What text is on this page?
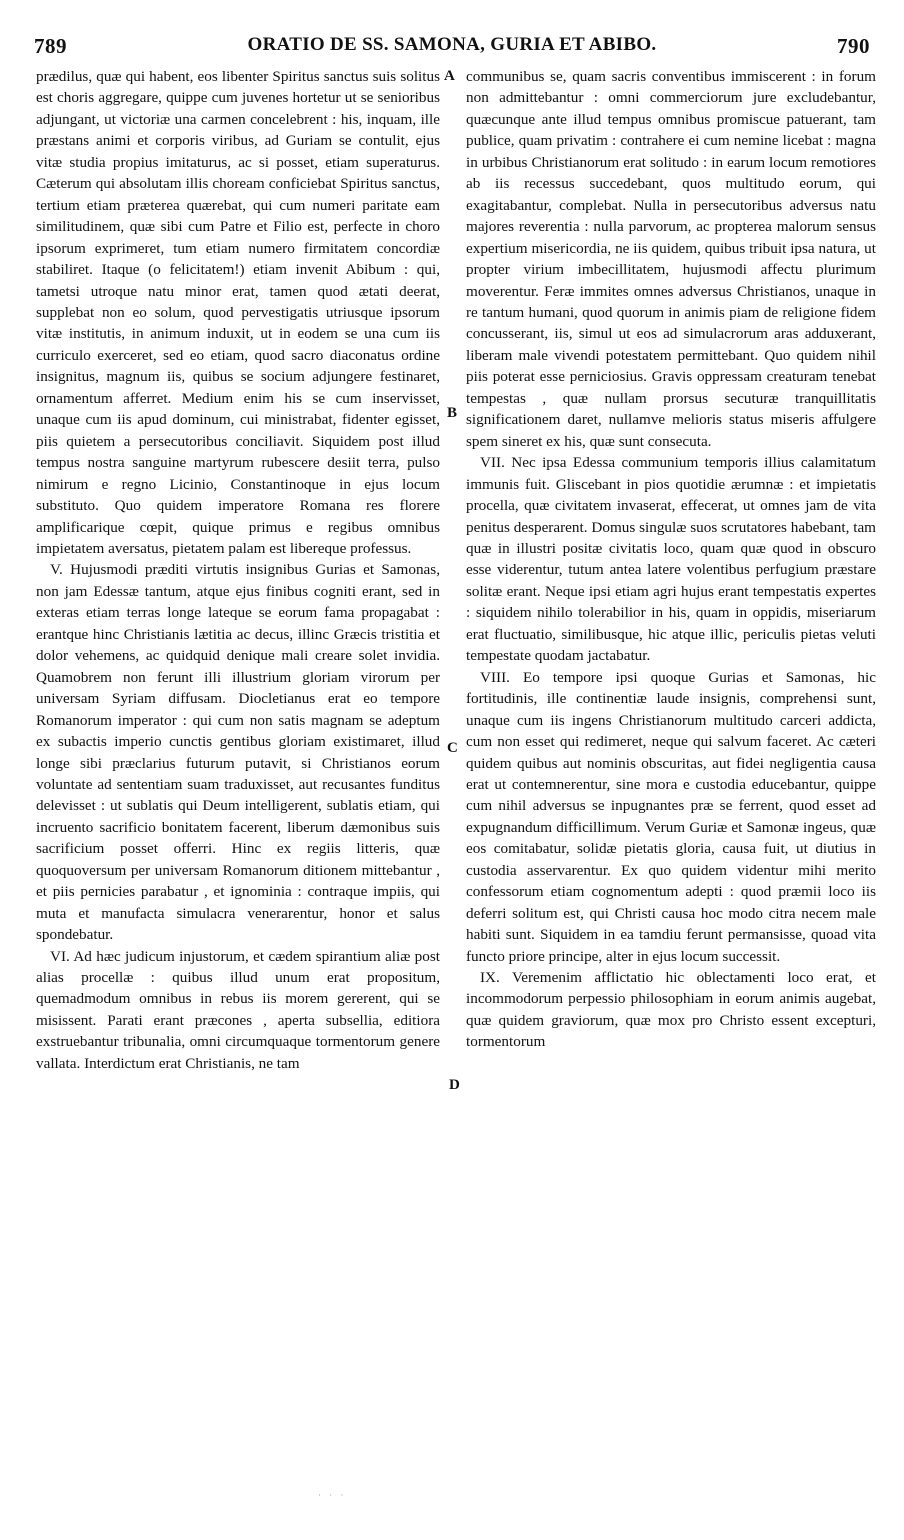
789	ORATIO DE SS. SAMONA, GURIA ET ABIBO.	790

prædilus, quæ qui habent, eos libenter Spiritus sanctus suis solitus est choris aggregare, quippe cum juvenes hortetur ut se senioribus adjungant, ut victoriæ una carmen concelebrent : his, inquam, ille præstans animi et corporis viribus, ad Guriam se contulit, ejus vitæ studia propius imitaturus, ac si posset, etiam superaturus. Cæterum qui absolutam illis choream conficiebat Spiritus sanctus, tertium etiam præterea quærebat, qui cum numeri paritate eam similitudinem, quæ sibi cum Patre et Filio est, perfecte in choro ipsorum exprimeret, tum etiam numero firmitatem concordiæ stabiliret. Itaque (o felicitatem!) etiam invenit Abibum : qui, tametsi utroque natu minor erat, tamen quod ætati deerat, supplebat non eo solum, quod pervestigatis utriusque ipsorum vitæ institutis, in animum induxit, ut in eodem se una cum iis curriculo exerceret, sed eo etiam, quod sacro diaconatus ordine insignitus, magnum iis, quibus se socium adjungere festinaret, ornamentum afferret. Medium enim his se cum inservisset, unaque cum iis apud dominum, cui ministrabat, fidenter egisset, piis quietem a persecutoribus conciliavit. Siquidem post illud tempus nostra sanguine martyrum rubescere desiit terra, pulso nimirum e regno Licinio, Constantinoque in ejus locum substituto. Quo quidem imperatore Romana res florere amplificarique cœpit, quique primus e regibus omnibus impietatem aversatus, pietatem palam est libereque professus.

V. Hujusmodi præditi virtutis insignibus Gurias et Samonas, non jam Edessæ tantum, atque ejus finibus cogniti erant, sed in exteras etiam terras longe lateque se eorum fama propagabat : erantque hinc Christianis lætitia ac decus, illinc Græcis tristitia et dolor vehemens, ac quidquid denique mali creare solet invidia. Quamobrem non ferunt illi illustrium gloriam virorum per universam Syriam diffusam. Diocletianus erat eo tempore Romanorum imperator : qui cum non satis magnam se adeptum ex subactis imperio cunctis gentibus gloriam existimaret, illud longe sibi præclarius futurum putavit, si Christianos eorum voluntate ad sententiam suam traduxisset, aut recusantes funditus delevisset : ut sublatis qui Deum intelligerent, sublatis etiam, qui incruento sacrificio bonitatem facerent, liberum dæmonibus suis sacrificium posset offerri. Hinc ex regiis litteris, quæ quoquoversum per universam Romanorum ditionem mittebantur , et piis pernicies parabatur , et ignominia : contraque impiis, qui muta et manufacta simulacra venerarentur, honor et salus spondebatur.

VI. Ad hæc judicum injustorum, et cædem spirantium aliæ post alias procellæ : quibus illud unum erat propositum, quemadmodum omnibus in rebus iis morem gererent, qui se misissent. Parati erant præcones , aperta subsellia, editiora exstruebantur tribunalia, omni circumquaque tormentorum genere vallata. Interdictum erat Christianis, ne tam

A
B
C
D

communibus se, quam sacris conventibus immiscerent : in forum non admittebantur : omni commerciorum jure excludebantur, quæcunque ante illud tempus omnibus promiscue patuerant, tam publice, quam privatim : contrahere ei cum nemine licebat : magna in urbibus Christianorum erat solitudo : in earum locum remotiores ab iis recessus succedebant, quos multitudo eorum, qui exagitabantur, complebat. Nulla in persecutoribus adversus natu majores reverentia : nulla parvorum, ac propterea malorum sensus expertium misericordia, ne iis quidem, quibus tribuit ipsa natura, ut propter virium imbecillitatem, hujusmodi affectu plurimum moverentur. Feræ immites omnes adversus Christianos, unaque in re tantum humani, quod quorum in animis piam de religione fidem concusserant, iis, simul ut eos ad simulacrorum aras adduxerant, liberam male vivendi potestatem permittebant. Quo quidem nihil piis poterat esse perniciosius. Gravis oppressam creaturam tenebat tempestas , quæ nullam prorsus secuturæ tranquillitatis significationem daret, nullamve melioris status miseris affulgere spem sineret ex his, quæ sunt consecuta.

VII. Nec ipsa Edessa communium temporis illius calamitatum immunis fuit. Gliscebant in pios quotidie ærumnæ : et impietatis procella, quæ civitatem invaserat, effecerat, ut omnes jam de vita penitus desperarent. Domus singulæ suos scrutatores habebant, tam quæ in illustri positæ civitatis loco, quam quæ quod in obscuro esse viderentur, tutum antea latere volentibus perfugium præstare solitæ erant. Neque ipsi etiam agri hujus erant tempestatis expertes : siquidem nihilo tolerabilior in his, quam in oppidis, miseriarum erat fluctuatio, similibusque, hic atque illic, periculis pietas veluti tempestate quodam jactabatur.

VIII. Eo tempore ipsi quoque Gurias et Samonas, hic fortitudinis, ille continentiæ laude insignis, comprehensi sunt, unaque cum iis ingens Christianorum multitudo carceri addicta, cum non esset qui redimeret, neque qui salvum faceret. Ac cæteri quidem quibus aut nominis obscuritas, aut fidei negligentia causa erat ut contemnerentur, sine mora e custodia educebantur, quippe cum nihil adversus se inpugnantes præ se ferrent, quod esset ad expugnandum difficillimum. Verum Guriæ et Samonæ ingeus, quæ eos comitabatur, solidæ pietatis gloria, causa fuit, ut diutius in custodia asservarentur. Ex quo quidem videntur mihi merito confessorum etiam cognomentum adepti : quod præmii loco iis deferri solitum est, qui Christi causa hoc modo citra necem male habiti sunt. Siquidem in ea tamdiu ferunt permansisse, quoad vita functo priore principe, alter in ejus locum successit.

IX. Veremenim afflictatio hic oblectamenti loco erat, et incommodorum perpessio philosophiam in eorum animis augebat, quæ quidem graviorum, quæ mox pro Christo essent excepturi, tormentorum

· · ·
